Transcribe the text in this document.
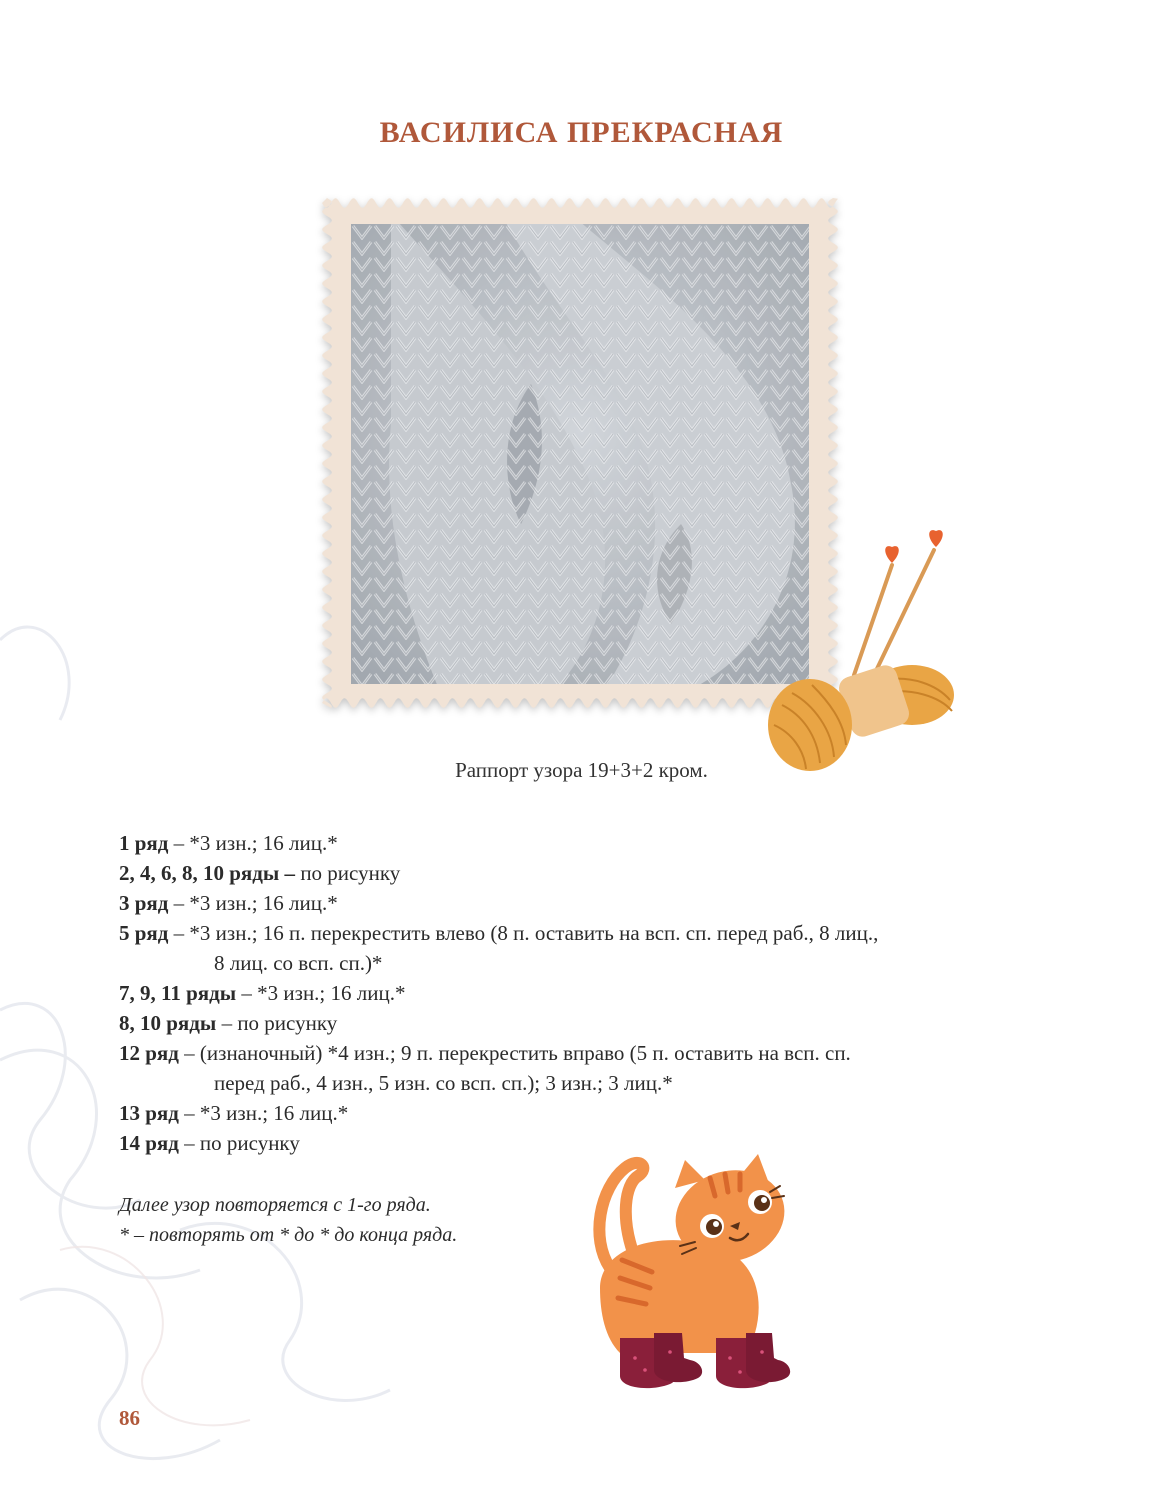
ВАСИЛИСА ПРЕКРАСНАЯ
Раппорт узора 19+3+2 кром.
1 ряд – *3 изн.; 16 лиц.*
2, 4, 6, 8, 10 ряды – по рисунку
3 ряд – *3 изн.; 16 лиц.*
5 ряд – *3 изн.; 16 п. перекрестить влево (8 п. оставить на всп. сп. перед раб., 8 лиц.,
8 лиц. со всп. сп.)*
7, 9, 11 ряды – *3 изн.; 16 лиц.*
8, 10 ряды – по рисунку
12 ряд – (изнаночный) *4 изн.; 9 п. перекрестить вправо (5 п. оставить на всп. сп.
перед раб., 4 изн., 5 изн. со всп. сп.); 3 изн.; 3 лиц.*
13 ряд – *3 изн.; 16 лиц.*
14 ряд – по рисунку
Далее узор повторяется с 1-го ряда.
* – повторять от * до * до конца ряда.
86
